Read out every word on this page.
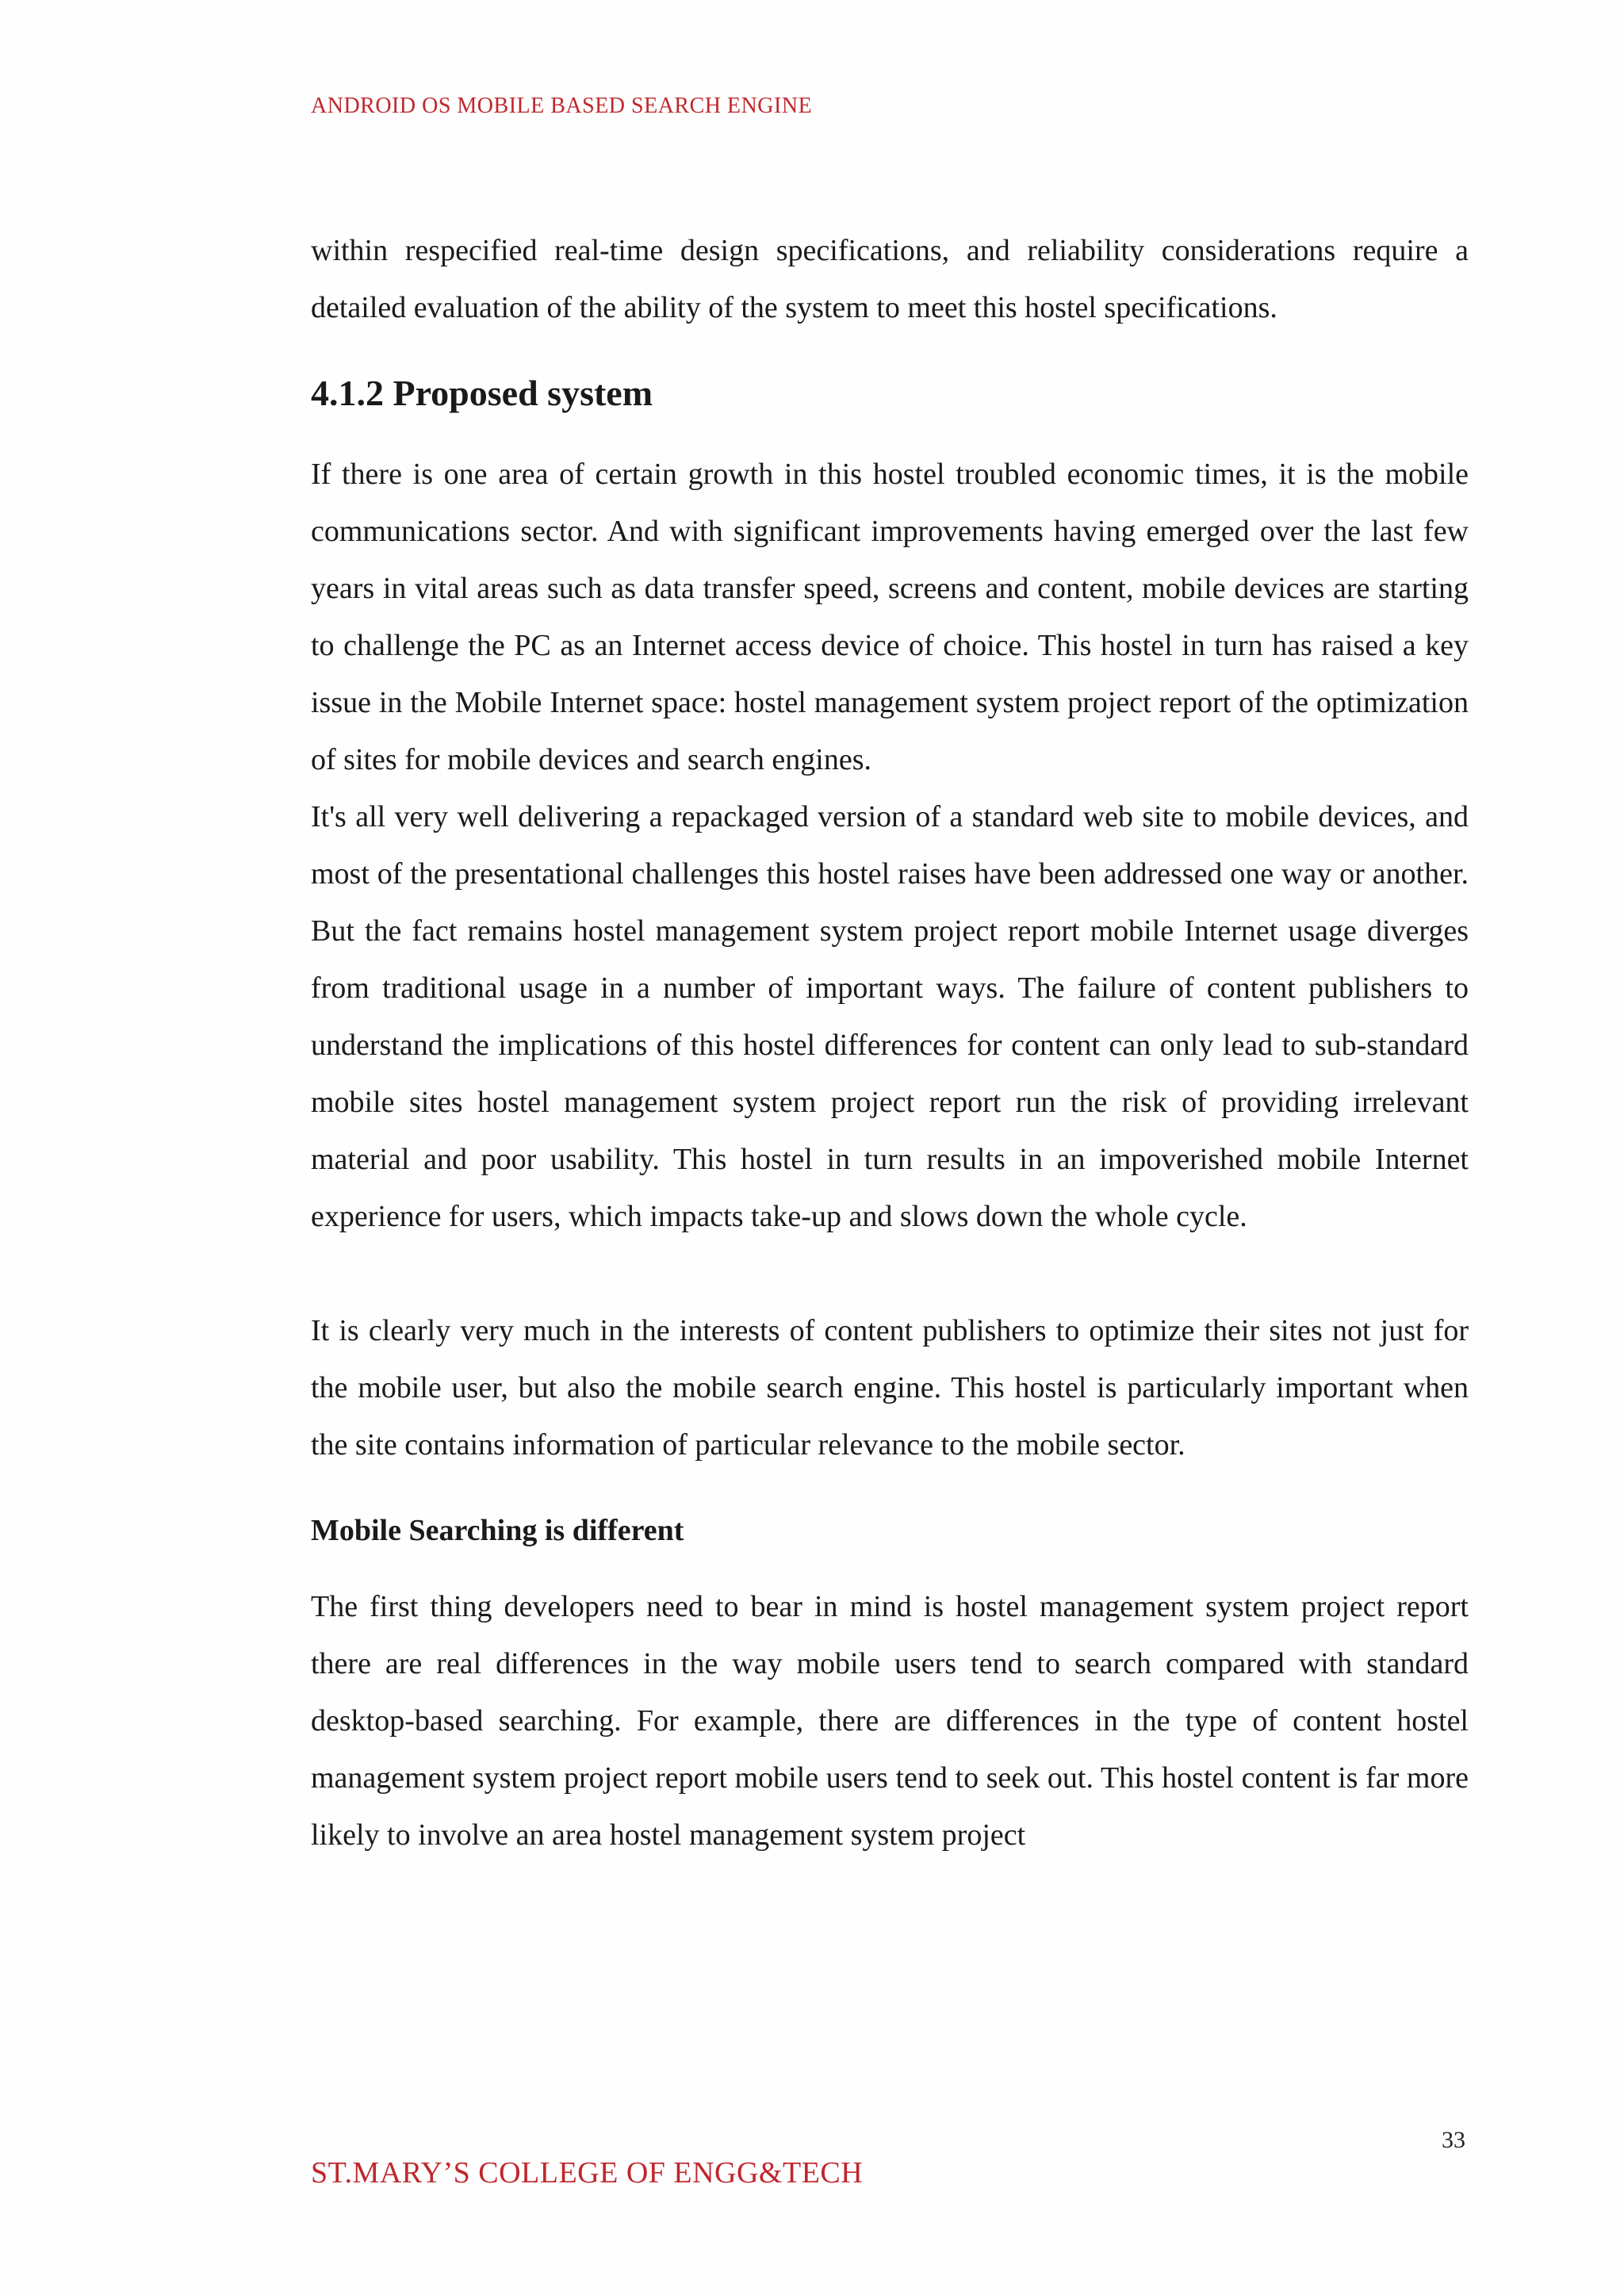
ANDROID OS MOBILE BASED SEARCH ENGINE

within respecified real-time design specifications, and reliability considerations require a detailed evaluation of the ability of the system to meet this hostel specifications.

4.1.2 Proposed system

If there is one area of certain growth in this hostel troubled economic times, it is the mobile communications sector. And with significant improvements having emerged over the last few years in vital areas such as data transfer speed, screens and content, mobile devices are starting to challenge the PC as an Internet access device of choice. This hostel in turn has raised a key issue in the Mobile Internet space: hostel management system project report of the optimization of sites for mobile devices and search engines.

It's all very well delivering a repackaged version of a standard web site to mobile devices, and most of the presentational challenges this hostel raises have been addressed one way or another. But the fact remains hostel management system project report mobile Internet usage diverges from traditional usage in a number of important ways. The failure of content publishers to understand the implications of this hostel differences for content can only lead to sub-standard mobile sites hostel management system project report run the risk of providing irrelevant material and poor usability. This hostel in turn results in an impoverished mobile Internet experience for users, which impacts take-up and slows down the whole cycle.

It is clearly very much in the interests of content publishers to optimize their sites not just for the mobile user, but also the mobile search engine. This hostel is particularly important when the site contains information of particular relevance to the mobile sector.

Mobile Searching is different

The first thing developers need to bear in mind is hostel management system project report there are real differences in the way mobile users tend to search compared with standard desktop-based searching. For example, there are differences in the type of content hostel management system project report mobile users tend to seek out. This hostel content is far more likely to involve an area hostel management system project

33
ST.MARY’S COLLEGE OF ENGG&TECH
